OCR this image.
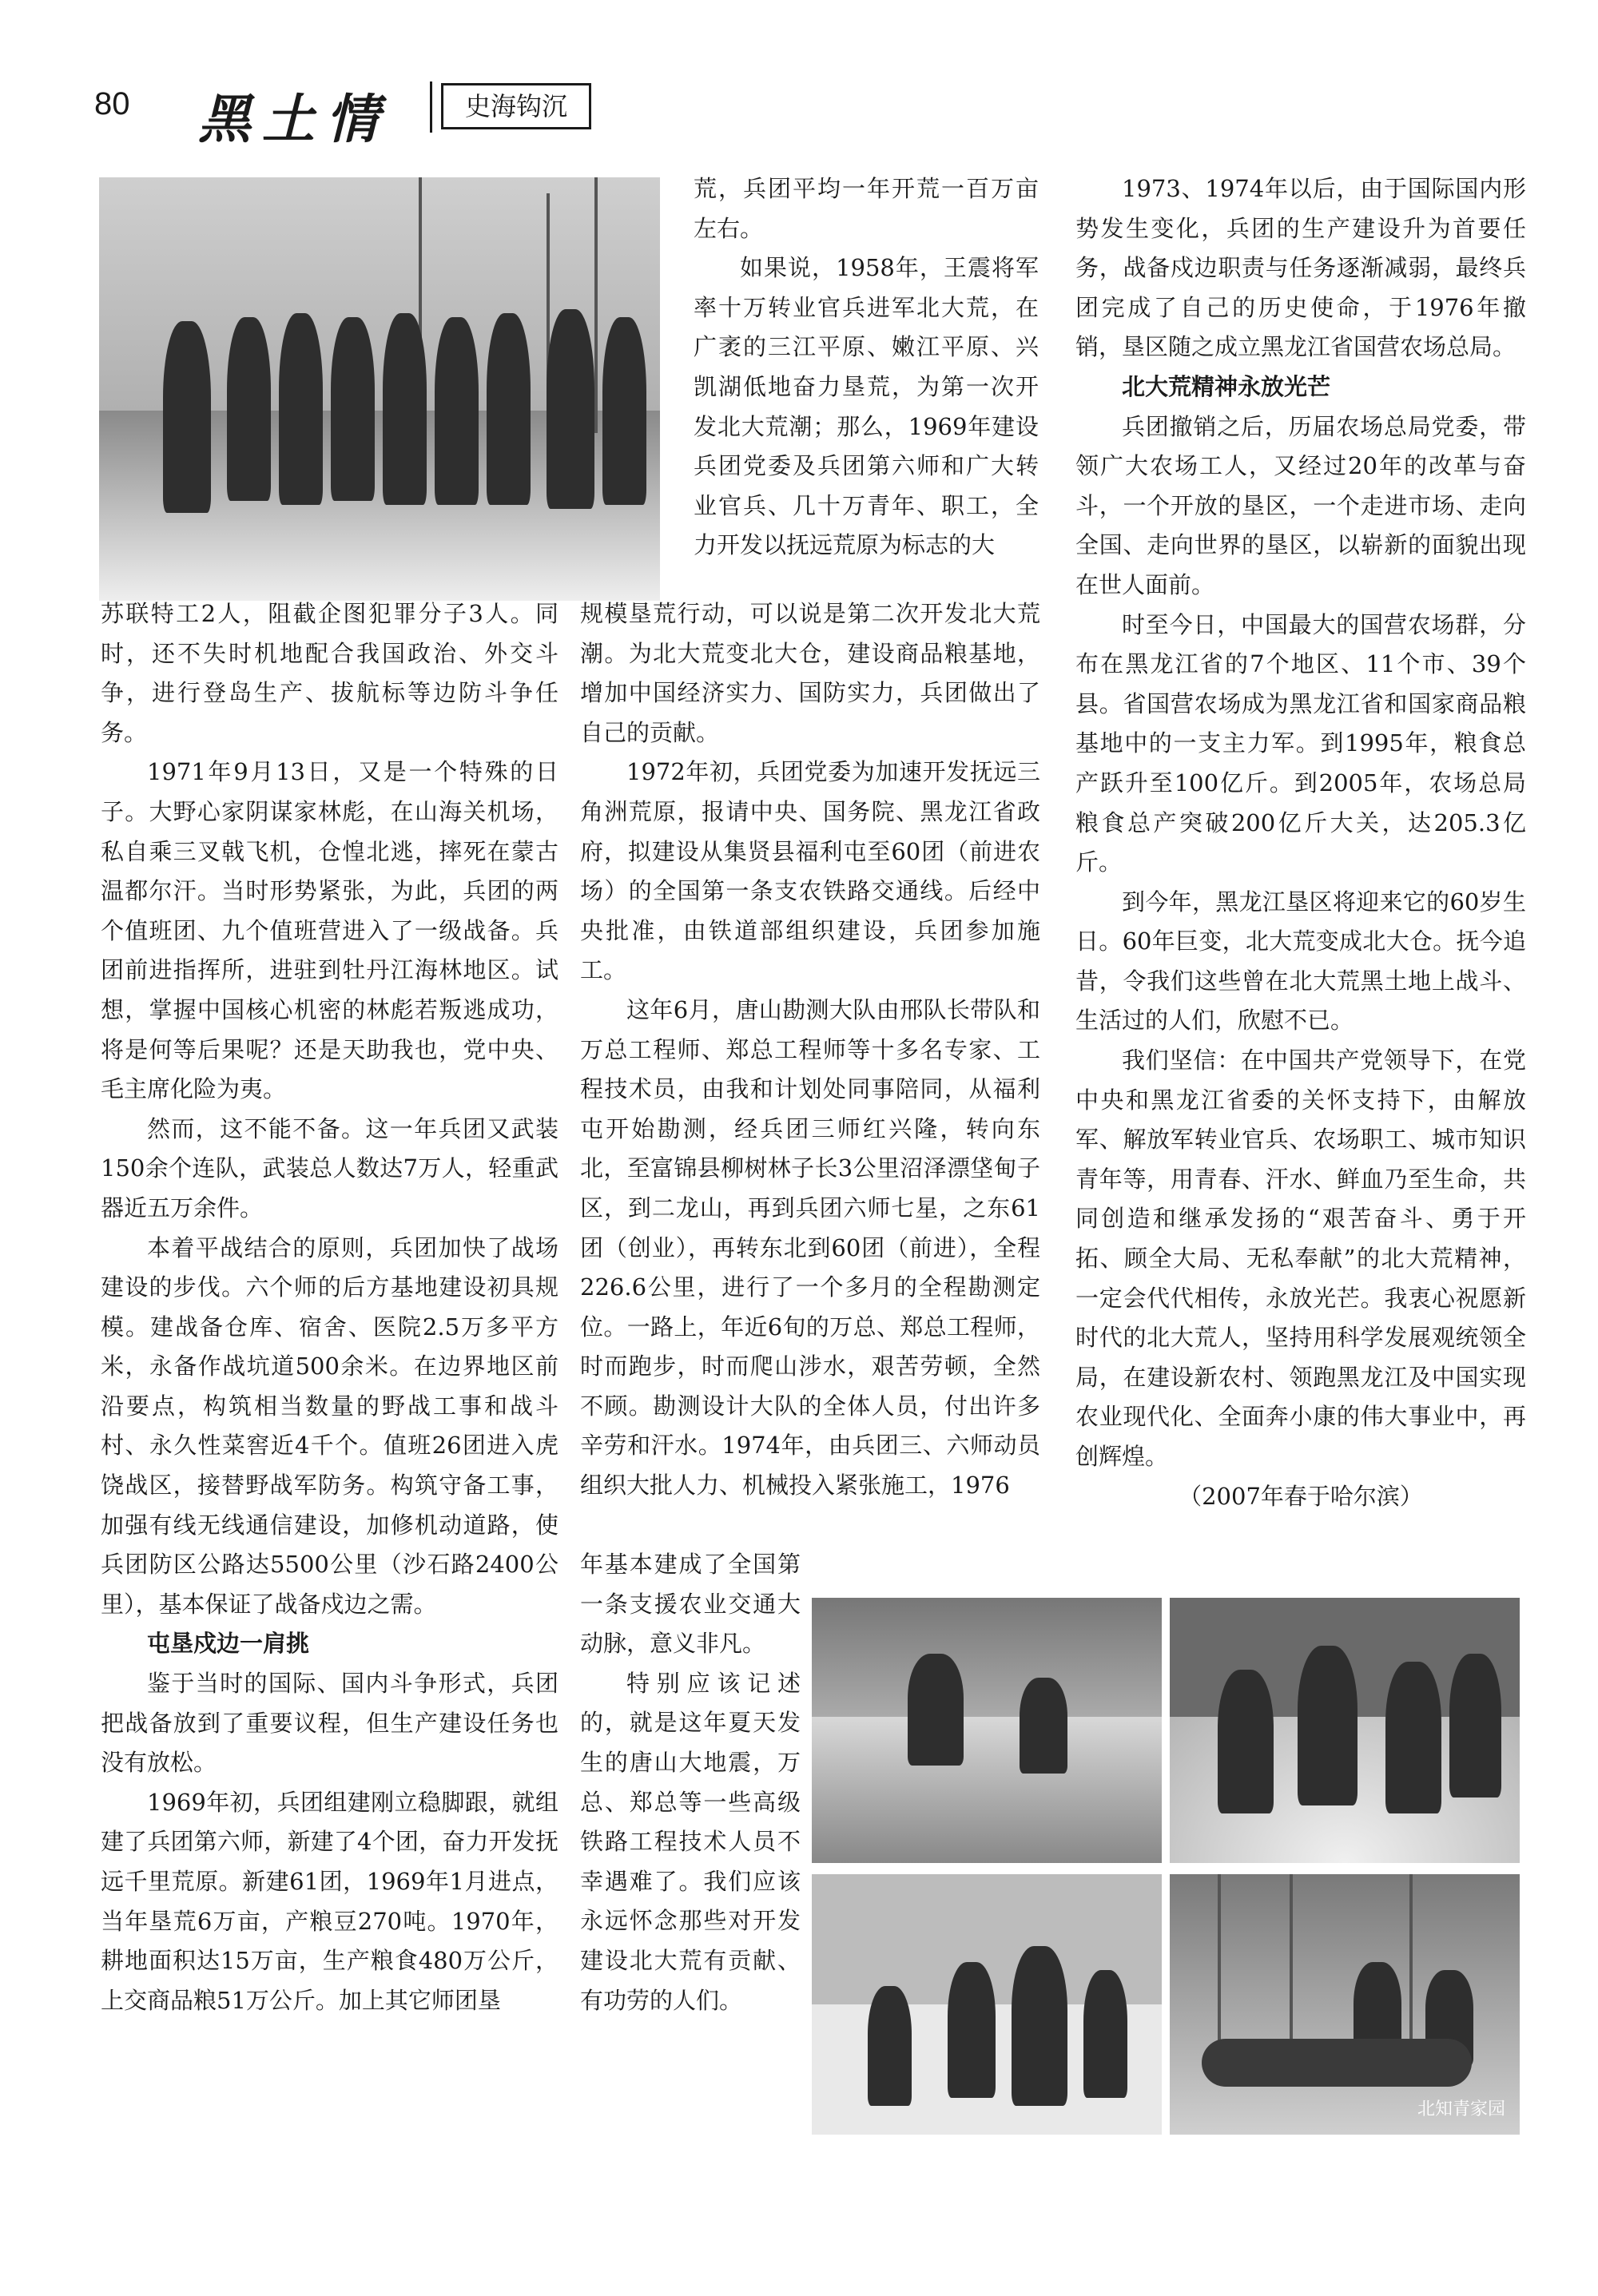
80 黑土情	史海钩沉

苏联特工2人，阻截企图犯罪分子3人。同时，还不失时机地配合我国政治、外交斗争，进行登岛生产、拔航标等边防斗争任务。

1971年9月13日，又是一个特殊的日子。大野心家阴谋家林彪，在山海关机场，私自乘三叉戟飞机，仓惶北逃，摔死在蒙古温都尔汗。当时形势紧张，为此，兵团的两个值班团、九个值班营进入了一级战备。兵团前进指挥所，进驻到牡丹江海林地区。试想，掌握中国核心机密的林彪若叛逃成功，将是何等后果呢？还是天助我也，党中央、毛主席化险为夷。

然而，这不能不备。这一年兵团又武装150余个连队，武装总人数达7万人，轻重武器近五万余件。

本着平战结合的原则，兵团加快了战场建设的步伐。六个师的后方基地建设初具规模。建战备仓库、宿舍、医院2.5万多平方米，永备作战坑道500余米。在边界地区前沿要点，构筑相当数量的野战工事和战斗村、永久性菜窖近4千个。值班26团进入虎饶战区，接替野战军防务。构筑守备工事，加强有线无线通信建设，加修机动道路，使兵团防区公路达5500公里（沙石路2400公里），基本保证了战备戍边之需。

屯垦戍边一肩挑

鉴于当时的国际、国内斗争形式，兵团把战备放到了重要议程，但生产建设任务也没有放松。

1969年初，兵团组建刚立稳脚跟，就组建了兵团第六师，新建了4个团，奋力开发抚远千里荒原。新建61团，1969年1月进点，当年垦荒6万亩，产粮豆270吨。1970年，耕地面积达15万亩，生产粮食480万公斤，上交商品粮51万公斤。加上其它师团垦

荒，兵团平均一年开荒一百万亩左右。

如果说，1958年，王震将军率十万转业官兵进军北大荒，在广袤的三江平原、嫩江平原、兴凯湖低地奋力垦荒，为第一次开发北大荒潮；那么，1969年建设兵团党委及兵团第六师和广大转业官兵、几十万青年、职工，全力开发以抚远荒原为标志的大

规模垦荒行动，可以说是第二次开发北大荒潮。为北大荒变北大仓，建设商品粮基地，增加中国经济实力、国防实力，兵团做出了自己的贡献。

1972年初，兵团党委为加速开发抚远三角洲荒原，报请中央、国务院、黑龙江省政府，拟建设从集贤县福利屯至60团（前进农场）的全国第一条支农铁路交通线。后经中央批准，由铁道部组织建设，兵团参加施工。

这年6月，唐山勘测大队由邢队长带队和万总工程师、郑总工程师等十多名专家、工程技术员，由我和计划处同事陪同，从福利屯开始勘测，经兵团三师红兴隆，转向东北，至富锦县柳树林子长3公里沼泽漂垡甸子区，到二龙山，再到兵团六师七星，之东61团（创业），再转东北到60团（前进），全程226.6公里，进行了一个多月的全程勘测定位。一路上，年近6旬的万总、郑总工程师，时而跑步，时而爬山涉水，艰苦劳顿，全然不顾。勘测设计大队的全体人员，付出许多辛劳和汗水。1974年，由兵团三、六师动员组织大批人力、机械投入紧张施工，1976

年基本建成了全国第一条支援农业交通大动脉，意义非凡。

特别应该记述的，就是这年夏天发生的唐山大地震，万总、郑总等一些高级铁路工程技术人员不幸遇难了。我们应该永远怀念那些对开发建设北大荒有贡献、有功劳的人们。

1973、1974年以后，由于国际国内形势发生变化，兵团的生产建设升为首要任务，战备戍边职责与任务逐渐减弱，最终兵团完成了自己的历史使命，于1976年撤销，垦区随之成立黑龙江省国营农场总局。

北大荒精神永放光芒

兵团撤销之后，历届农场总局党委，带领广大农场工人，又经过20年的改革与奋斗，一个开放的垦区，一个走进市场、走向全国、走向世界的垦区，以崭新的面貌出现在世人面前。

时至今日，中国最大的国营农场群，分布在黑龙江省的7个地区、11个市、39个县。省国营农场成为黑龙江省和国家商品粮基地中的一支主力军。到1995年，粮食总产跃升至100亿斤。到2005年，农场总局粮食总产突破200亿斤大关，达205.3亿斤。

到今年，黑龙江垦区将迎来它的60岁生日。60年巨变，北大荒变成北大仓。抚今追昔，令我们这些曾在北大荒黑土地上战斗、生活过的人们，欣慰不已。

我们坚信：在中国共产党领导下，在党中央和黑龙江省委的关怀支持下，由解放军、解放军转业官兵、农场职工、城市知识青年等，用青春、汗水、鲜血乃至生命，共同创造和继承发扬的“艰苦奋斗、勇于开拓、顾全大局、无私奉献”的北大荒精神，一定会代代相传，永放光芒。我衷心祝愿新时代的北大荒人，坚持用科学发展观统领全局，在建设新农村、领跑黑龙江及中国实现农业现代化、全面奔小康的伟大事业中，再创辉煌。

（2007年春于哈尔滨）

北知青家园
